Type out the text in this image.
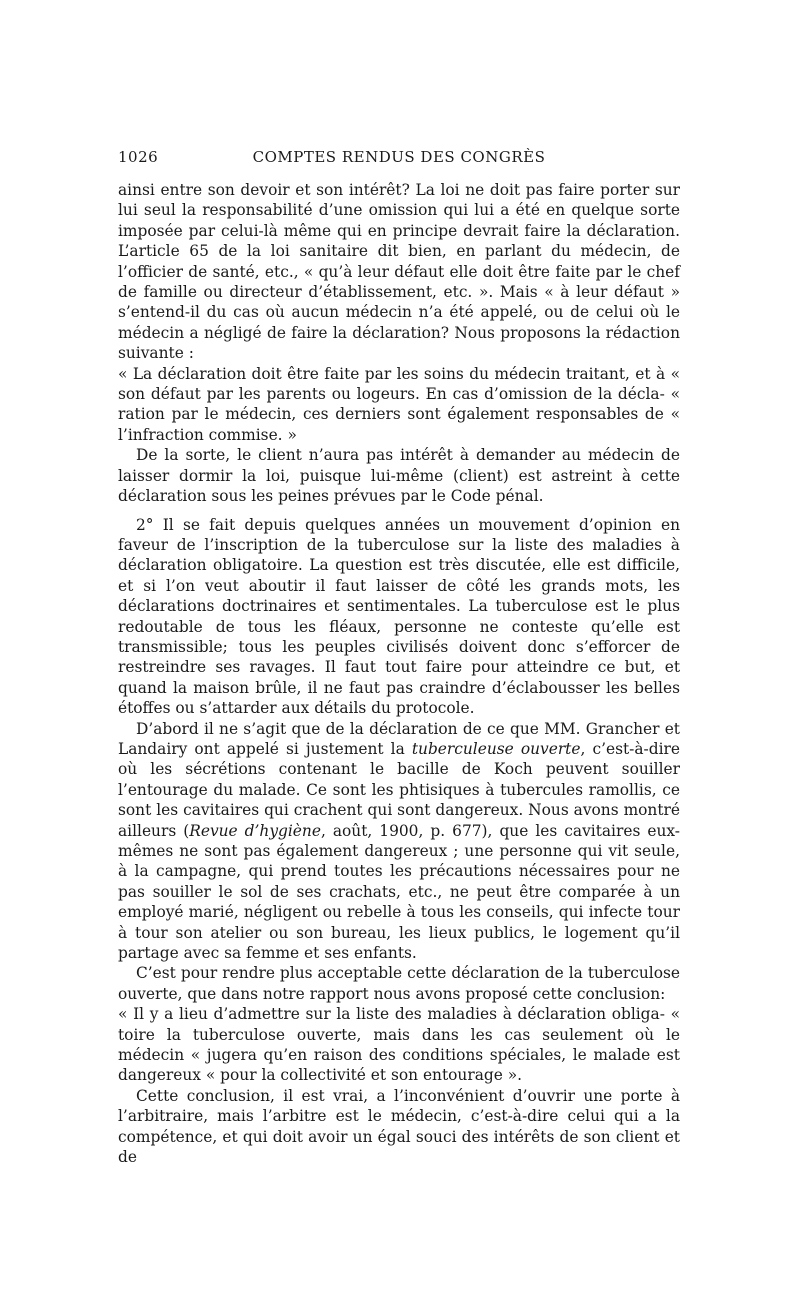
1026	COMPTES RENDUS DES CONGRÈS

ainsi entre son devoir et son intérêt? La loi ne doit pas faire porter sur lui seul la responsabilité d’une omission qui lui a été en quelque sorte imposée par celui-là même qui en principe devrait faire la déclaration. L’article 65 de la loi sanitaire dit bien, en parlant du médecin, de l’officier de santé, etc., « qu’à leur défaut elle doit être faite par le chef de famille ou directeur d’établissement, etc. ». Mais « à leur défaut » s’entend-il du cas où aucun médecin n’a été appelé, ou de celui où le médecin a négligé de faire la déclaration? Nous proposons la rédaction suivante :

« La déclaration doit être faite par les soins du médecin traitant, et à « son défaut par les parents ou logeurs. En cas d’omission de la décla- « ration par le médecin, ces derniers sont également responsables de « l’infraction commise. »

De la sorte, le client n’aura pas intérêt à demander au médecin de laisser dormir la loi, puisque lui-même (client) est astreint à cette déclaration sous les peines prévues par le Code pénal.

2° Il se fait depuis quelques années un mouvement d’opinion en faveur de l’inscription de la tuberculose sur la liste des maladies à déclaration obligatoire. La question est très discutée, elle est difficile, et si l’on veut aboutir il faut laisser de côté les grands mots, les déclarations doctrinaires et sentimentales. La tuberculose est le plus redoutable de tous les fléaux, personne ne conteste qu’elle est transmissible; tous les peuples civilisés doivent donc s’efforcer de restreindre ses ravages. Il faut tout faire pour atteindre ce but, et quand la maison brûle, il ne faut pas craindre d’éclabousser les belles étoffes ou s’attarder aux détails du protocole.

D’abord il ne s’agit que de la déclaration de ce que MM. Grancher et Landairy ont appelé si justement la tuberculeuse ouverte, c’est-à-dire où les sécrétions contenant le bacille de Koch peuvent souiller l’entourage du malade. Ce sont les phtisiques à tubercules ramollis, ce sont les cavitaires qui crachent qui sont dangereux. Nous avons montré ailleurs (Revue d’hygiène, août, 1900, p. 677), que les cavitaires eux-mêmes ne sont pas également dangereux ; une personne qui vit seule, à la campagne, qui prend toutes les précautions nécessaires pour ne pas souiller le sol de ses crachats, etc., ne peut être comparée à un employé marié, négligent ou rebelle à tous les conseils, qui infecte tour à tour son atelier ou son bureau, les lieux publics, le logement qu’il partage avec sa femme et ses enfants.

C’est pour rendre plus acceptable cette déclaration de la tuberculose ouverte, que dans notre rapport nous avons proposé cette conclusion:

« Il y a lieu d’admettre sur la liste des maladies à déclaration obliga- « toire la tuberculose ouverte, mais dans les cas seulement où le médecin « jugera qu’en raison des conditions spéciales, le malade est dangereux « pour la collectivité et son entourage ».

Cette conclusion, il est vrai, a l’inconvénient d’ouvrir une porte à l’arbitraire, mais l’arbitre est le médecin, c’est-à-dire celui qui a la compétence, et qui doit avoir un égal souci des intérêts de son client et de
